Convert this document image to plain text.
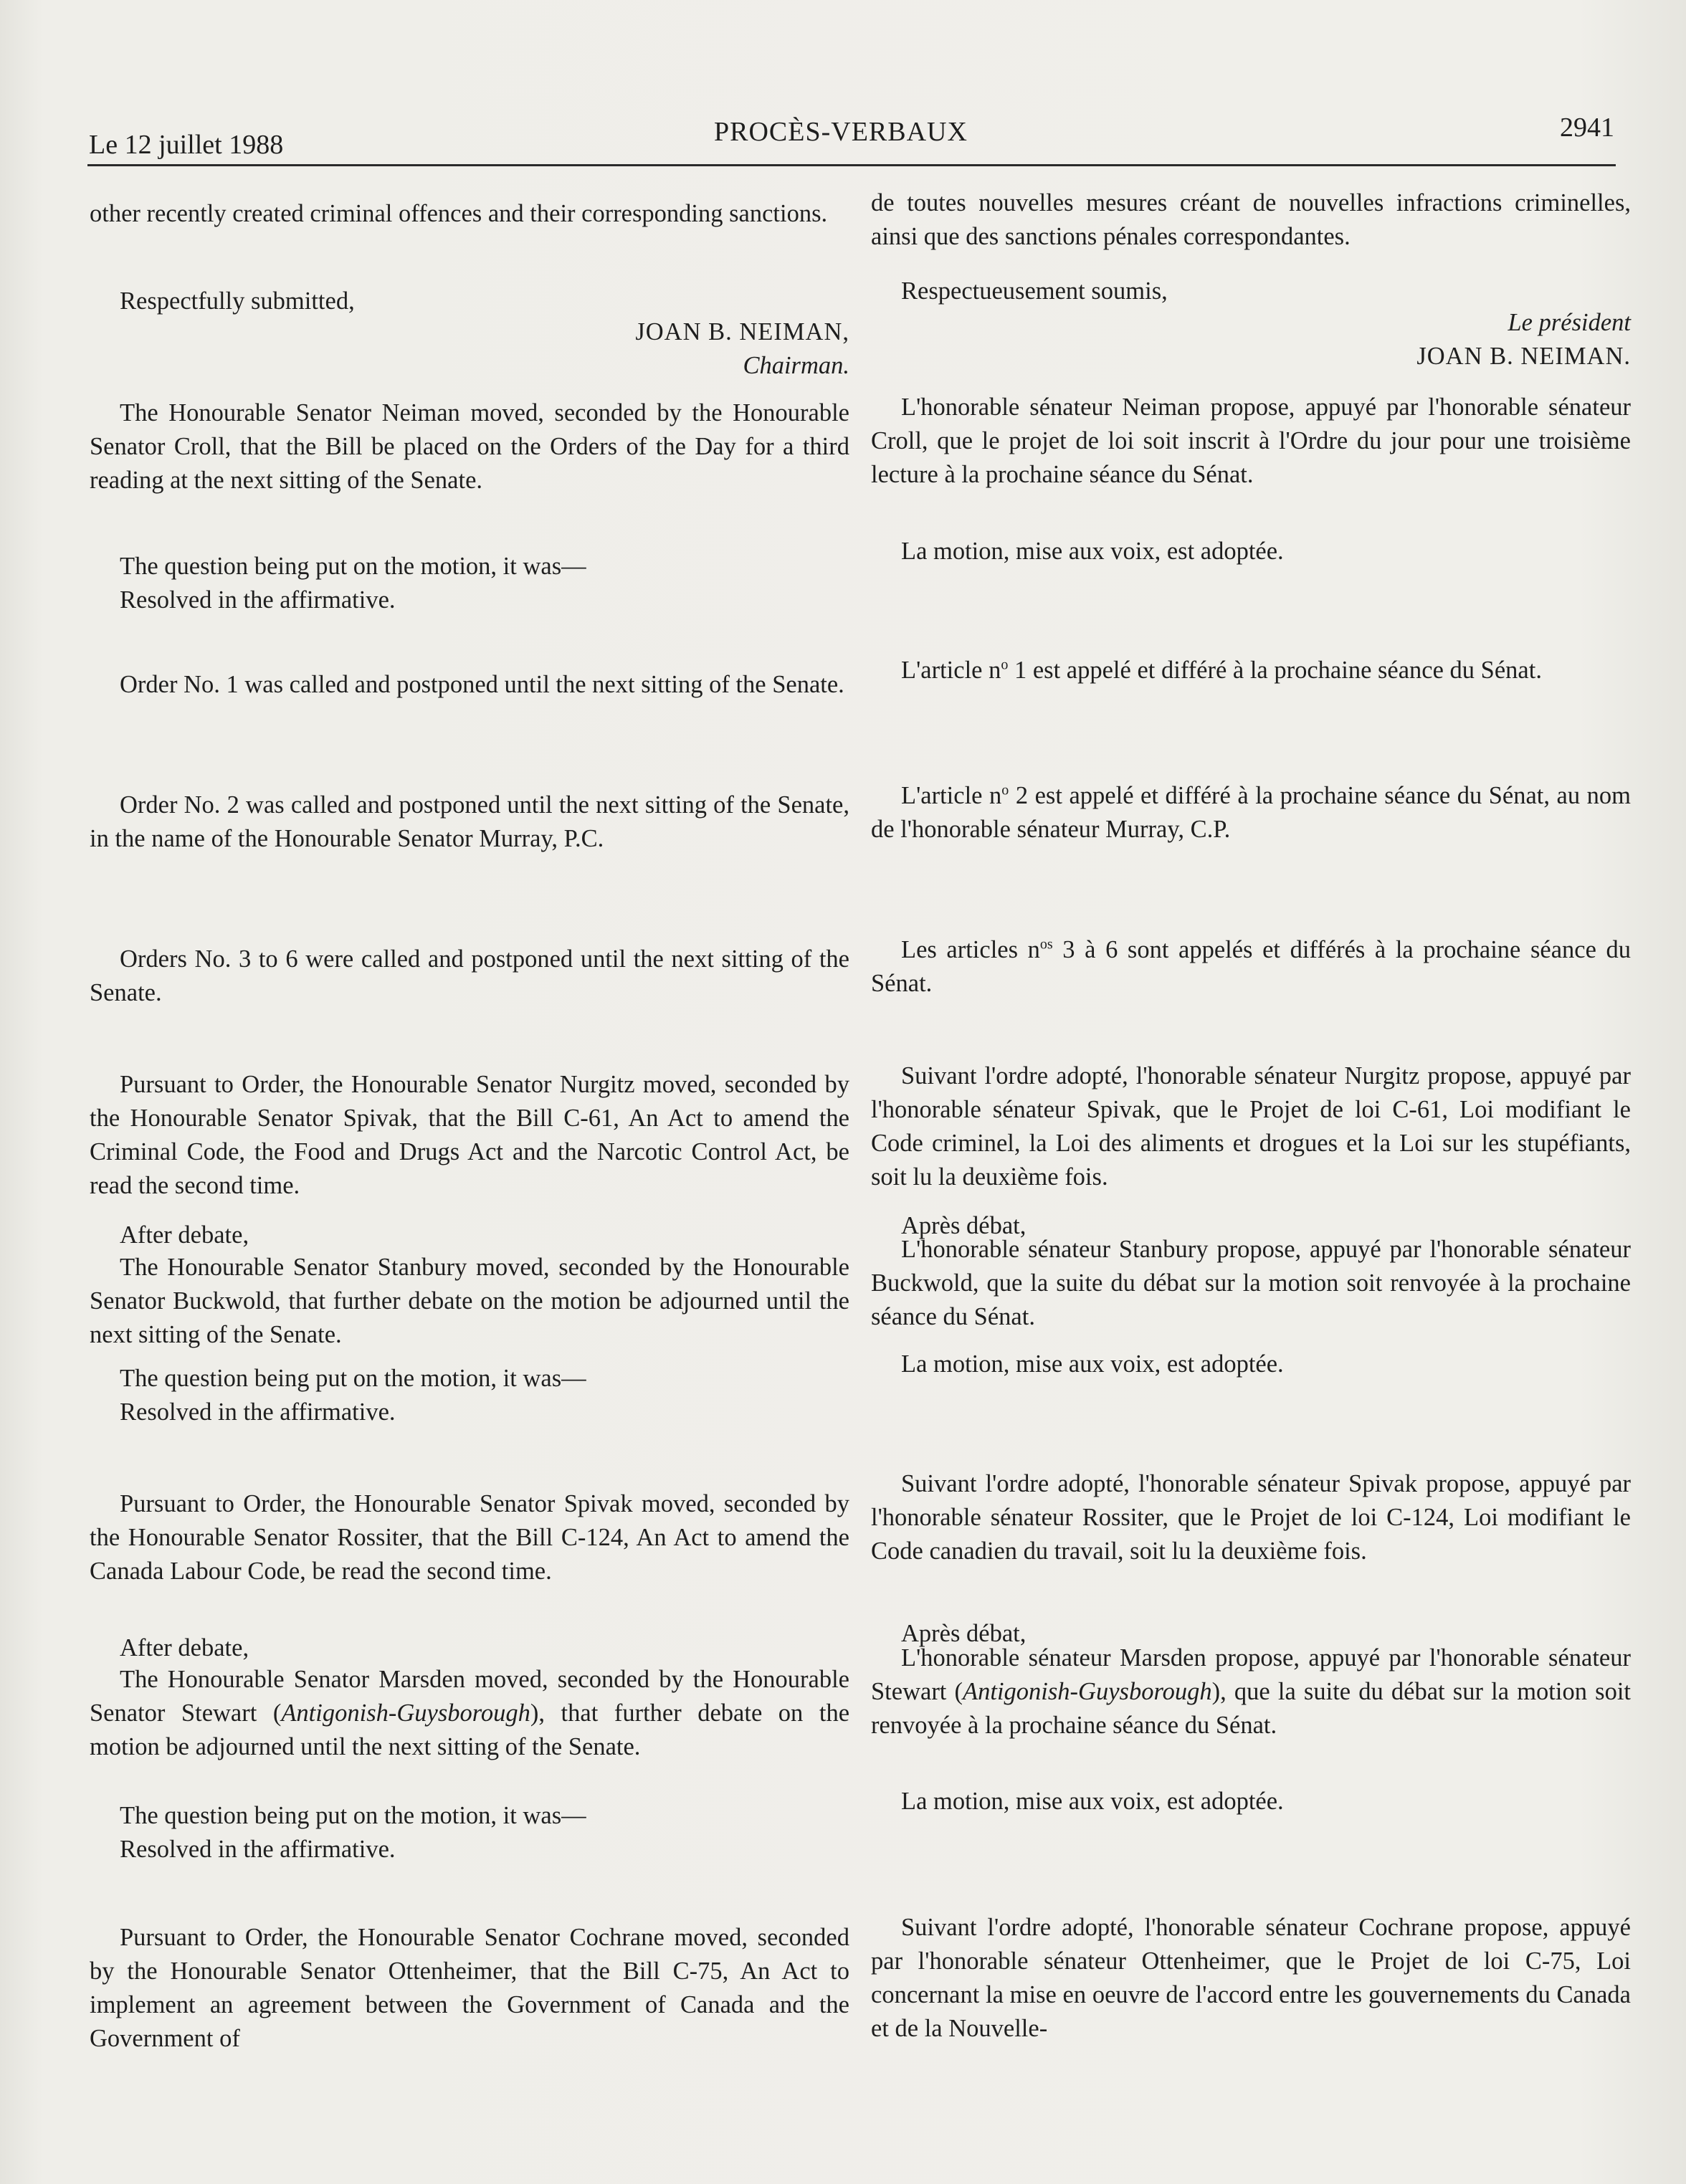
Le 12 juillet 1988	PROCÈS-VERBAUX	2941

other recently created criminal offences and their corresponding sanctions.

Respectfully submitted,

JOAN B. NEIMAN,
Chairman.

The Honourable Senator Neiman moved, seconded by the Honourable Senator Croll, that the Bill be placed on the Orders of the Day for a third reading at the next sitting of the Senate.

The question being put on the motion, it was—
Resolved in the affirmative.

Order No. 1 was called and postponed until the next sitting of the Senate.

Order No. 2 was called and postponed until the next sitting of the Senate, in the name of the Honourable Senator Murray, P.C.

Orders No. 3 to 6 were called and postponed until the next sitting of the Senate.

Pursuant to Order, the Honourable Senator Nurgitz moved, seconded by the Honourable Senator Spivak, that the Bill C-61, An Act to amend the Criminal Code, the Food and Drugs Act and the Narcotic Control Act, be read the second time.

After debate,

The Honourable Senator Stanbury moved, seconded by the Honourable Senator Buckwold, that further debate on the motion be adjourned until the next sitting of the Senate.

The question being put on the motion, it was—
Resolved in the affirmative.

Pursuant to Order, the Honourable Senator Spivak moved, seconded by the Honourable Senator Rossiter, that the Bill C-124, An Act to amend the Canada Labour Code, be read the second time.

After debate,

The Honourable Senator Marsden moved, seconded by the Honourable Senator Stewart (Antigonish-Guysborough), that further debate on the motion be adjourned until the next sitting of the Senate.

The question being put on the motion, it was—
Resolved in the affirmative.

Pursuant to Order, the Honourable Senator Cochrane moved, seconded by the Honourable Senator Ottenheimer, that the Bill C-75, An Act to implement an agreement between the Government of Canada and the Government of

de toutes nouvelles mesures créant de nouvelles infractions criminelles, ainsi que des sanctions pénales correspondantes.

Respectueusement soumis,

Le président
JOAN B. NEIMAN.

L'honorable sénateur Neiman propose, appuyé par l'honorable sénateur Croll, que le projet de loi soit inscrit à l'Ordre du jour pour une troisième lecture à la prochaine séance du Sénat.

La motion, mise aux voix, est adoptée.

L'article $n^o$ 1 est appelé et différé à la prochaine séance du Sénat.

L'article $n^o$ 2 est appelé et différé à la prochaine séance du Sénat, au nom de l'honorable sénateur Murray, C.P.

Les articles $n^{os}$ 3 à 6 sont appelés et différés à la prochaine séance du Sénat.

Suivant l'ordre adopté, l'honorable sénateur Nurgitz propose, appuyé par l'honorable sénateur Spivak, que le Projet de loi C-61, Loi modifiant le Code criminel, la Loi des aliments et drogues et la Loi sur les stupéfiants, soit lu la deuxième fois.

Après débat,

L'honorable sénateur Stanbury propose, appuyé par l'honorable sénateur Buckwold, que la suite du débat sur la motion soit renvoyée à la prochaine séance du Sénat.

La motion, mise aux voix, est adoptée.

Suivant l'ordre adopté, l'honorable sénateur Spivak propose, appuyé par l'honorable sénateur Rossiter, que le Projet de loi C-124, Loi modifiant le Code canadien du travail, soit lu la deuxième fois.

Après débat,

L'honorable sénateur Marsden propose, appuyé par l'honorable sénateur Stewart (Antigonish-Guysborough), que la suite du débat sur la motion soit renvoyée à la prochaine séance du Sénat.

La motion, mise aux voix, est adoptée.

Suivant l'ordre adopté, l'honorable sénateur Cochrane propose, appuyé par l'honorable sénateur Ottenheimer, que le Projet de loi C-75, Loi concernant la mise en oeuvre de l'accord entre les gouvernements du Canada et de la Nouvelle-
